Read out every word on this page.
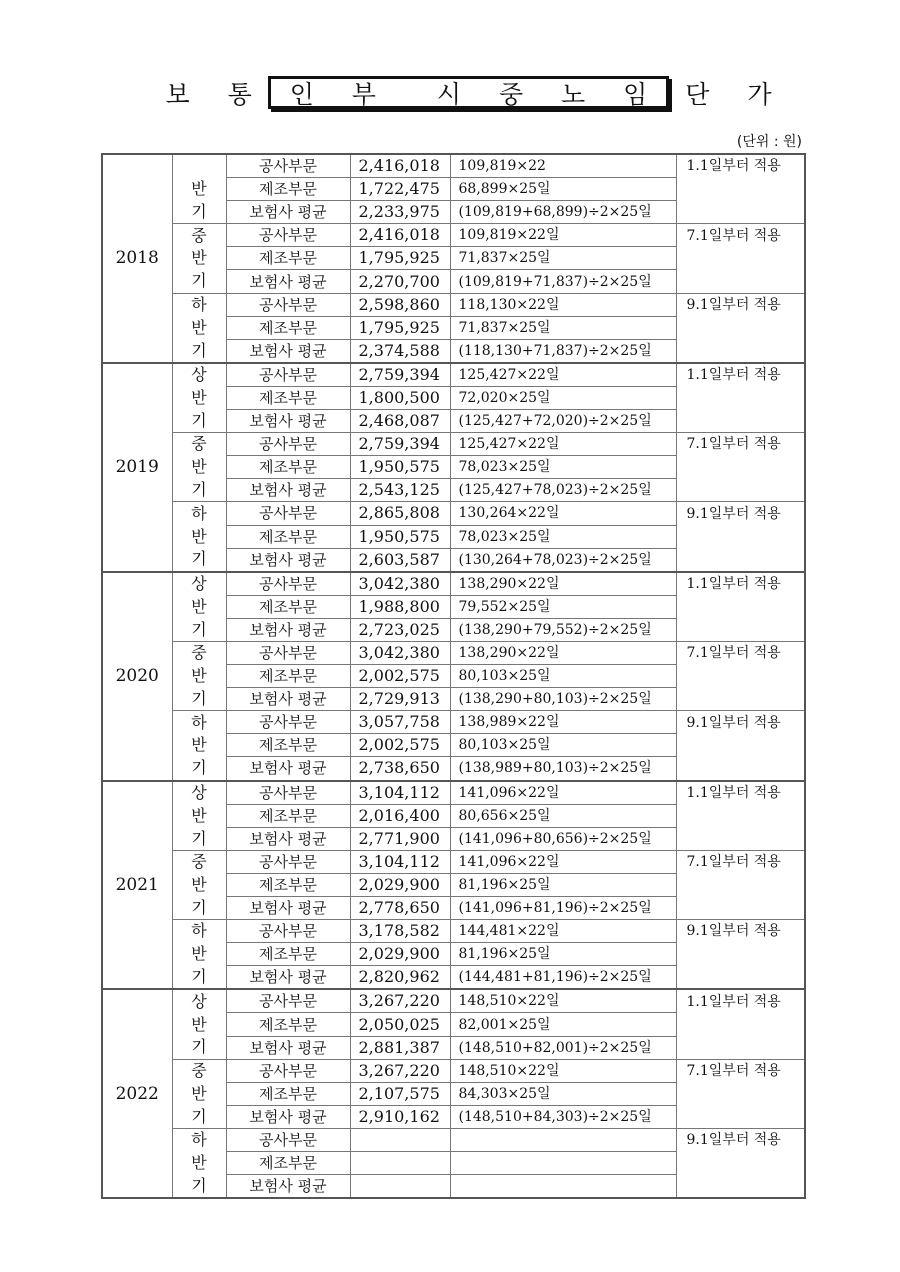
보 통 인 부  시 중 노 임 단 가
(단위 : 원)
2018		공사부문	2,416,018	109,819×22	1.1일부터 적용
	반	제조부문	1,722,475	68,899×25일	
	기	보험사 평균	2,233,975	(109,819+68,899)÷2×25일	
	중	공사부문	2,416,018	109,819×22일	7.1일부터 적용
	반	제조부문	1,795,925	71,837×25일	
	기	보험사 평균	2,270,700	(109,819+71,837)÷2×25일	
	하	공사부문	2,598,860	118,130×22일	9.1일부터 적용
	반	제조부문	1,795,925	71,837×25일	
	기	보험사 평균	2,374,588	(118,130+71,837)÷2×25일	
2019	상	공사부문	2,759,394	125,427×22일	1.1일부터 적용
	반	제조부문	1,800,500	72,020×25일	
	기	보험사 평균	2,468,087	(125,427+72,020)÷2×25일	
	중	공사부문	2,759,394	125,427×22일	7.1일부터 적용
	반	제조부문	1,950,575	78,023×25일	
	기	보험사 평균	2,543,125	(125,427+78,023)÷2×25일	
	하	공사부문	2,865,808	130,264×22일	9.1일부터 적용
	반	제조부문	1,950,575	78,023×25일	
	기	보험사 평균	2,603,587	(130,264+78,023)÷2×25일	
2020	상	공사부문	3,042,380	138,290×22일	1.1일부터 적용
	반	제조부문	1,988,800	79,552×25일	
	기	보험사 평균	2,723,025	(138,290+79,552)÷2×25일	
	중	공사부문	3,042,380	138,290×22일	7.1일부터 적용
	반	제조부문	2,002,575	80,103×25일	
	기	보험사 평균	2,729,913	(138,290+80,103)÷2×25일	
	하	공사부문	3,057,758	138,989×22일	9.1일부터 적용
	반	제조부문	2,002,575	80,103×25일	
	기	보험사 평균	2,738,650	(138,989+80,103)÷2×25일	
2021	상	공사부문	3,104,112	141,096×22일	1.1일부터 적용
	반	제조부문	2,016,400	80,656×25일	
	기	보험사 평균	2,771,900	(141,096+80,656)÷2×25일	
	중	공사부문	3,104,112	141,096×22일	7.1일부터 적용
	반	제조부문	2,029,900	81,196×25일	
	기	보험사 평균	2,778,650	(141,096+81,196)÷2×25일	
	하	공사부문	3,178,582	144,481×22일	9.1일부터 적용
	반	제조부문	2,029,900	81,196×25일	
	기	보험사 평균	2,820,962	(144,481+81,196)÷2×25일	
2022	상	공사부문	3,267,220	148,510×22일	1.1일부터 적용
	반	제조부문	2,050,025	82,001×25일	
	기	보험사 평균	2,881,387	(148,510+82,001)÷2×25일	
	중	공사부문	3,267,220	148,510×22일	7.1일부터 적용
	반	제조부문	2,107,575	84,303×25일	
	기	보험사 평균	2,910,162	(148,510+84,303)÷2×25일	
	하	공사부문			9.1일부터 적용
	반	제조부문			
	기	보험사 평균			
